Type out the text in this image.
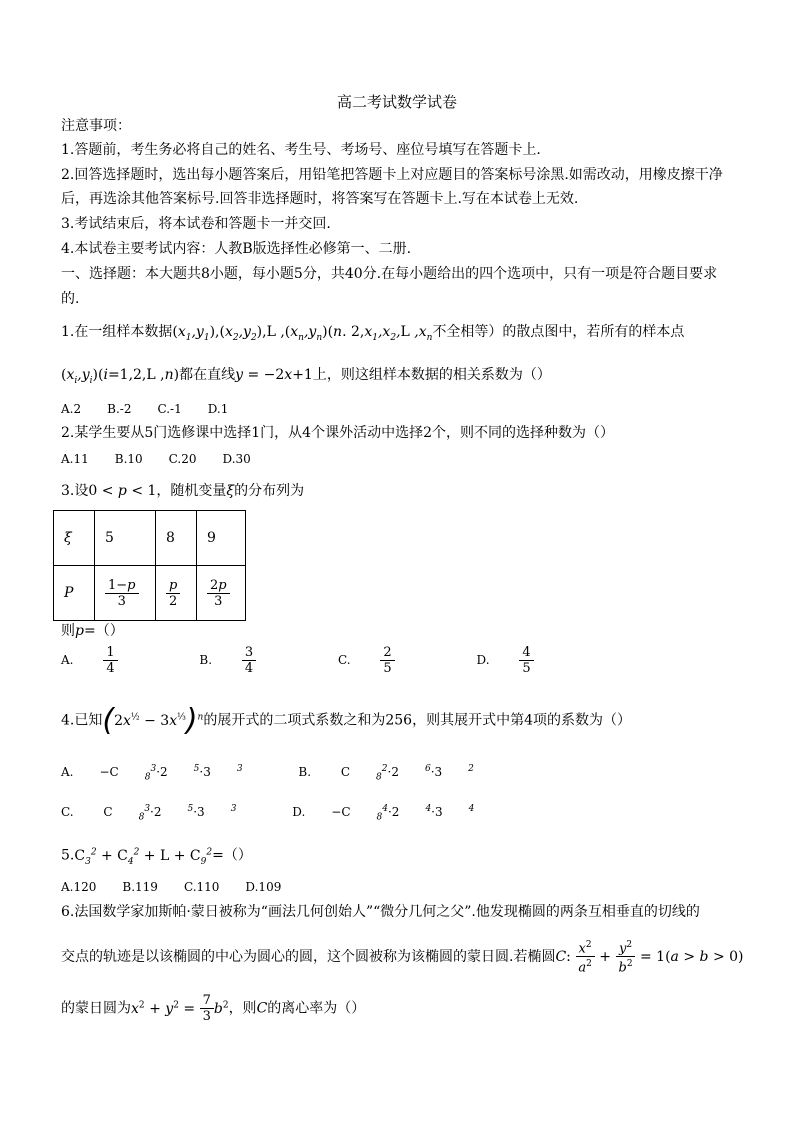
高二考试数学试卷
注意事项：
1.答题前，考生务必将自己的姓名、考生号、考场号、座位号填写在答题卡上.
2.回答选择题时，选出每小题答案后，用铅笔把答题卡上对应题目的答案标号涂黑.如需改动，用橡皮擦干净
后，再选涂其他答案标号.回答非选择题时，将答案写在答题卡上.写在本试卷上无效.
3.考试结束后，将本试卷和答题卡一并交回.
4.本试卷主要考试内容：人教B版选择性必修第一、二册.
一、选择题：本大题共8小题，每小题5分，共40分.在每小题给出的四个选项中，只有一项是符合题目要求
的.
1.在一组样本数据$(x_1,y_1),(x_2,y_2),L$ $,(x_n,y_n)(n$. $2,x_1,x_2,L$ $,x_n$不全相等）的散点图中，若所有的样本点
$(x_i,y_i)(i=1,2,L$ ,n)都在直线y = −2x+1上，则这组样本数据的相关系数为（）
A.2 B.-2 C.-1 D.1
2.某学生要从5门选修课中选择1门，从4个课外活动中选择2个，则不同的选择种数为（）
A.11 B.10 C.20 D.30
3.设0 < p < 1，随机变量ξ的分布列为
ξ	5	8	9
P	$\frac{1-p}{3}$	$\frac{p}{2}$	$\frac{2p}{3}$
则p=（）
A. $\frac{1}{4}$	B. $\frac{3}{4}$	C. $\frac{2}{5}$	D. $\frac{4}{5}$
4.已知$(2x^{\frac{1}{2}} - 3x^{\frac{1}{3}})^n$的展开式的二项式系数之和为256，则其展开式中第4项的系数为（）
A. −C	$_8^3$·2	$^5$·3	$^3$	B. C	$_8^2$·2	$^6$·3	$^2$
C. C	$_8^3$·2	$^5$·3	$^3$	D. −C	$_8^4$·2	$^4$·3	$^4$
$5.C_3^2 + C_4^2 + L + C_9^2=()$
A.120 B.119 C.110 D.109
6.法国数学家加斯帕·蒙日被称为“画法几何创始人”“微分几何之父”.他发现椭圆的两条互相垂直的切线的
交点的轨迹是以该椭圆的中心为圆心的圆，这个圆被称为该椭圆的蒙日圆.若椭圆C: $\frac{x^2}{a^2} + \frac{y^2}{b^2} = 1(a > b > 0)$
的蒙日圆为$x^2 + y^2 = \frac{7}{3} b^2$，则C的离心率为（）
